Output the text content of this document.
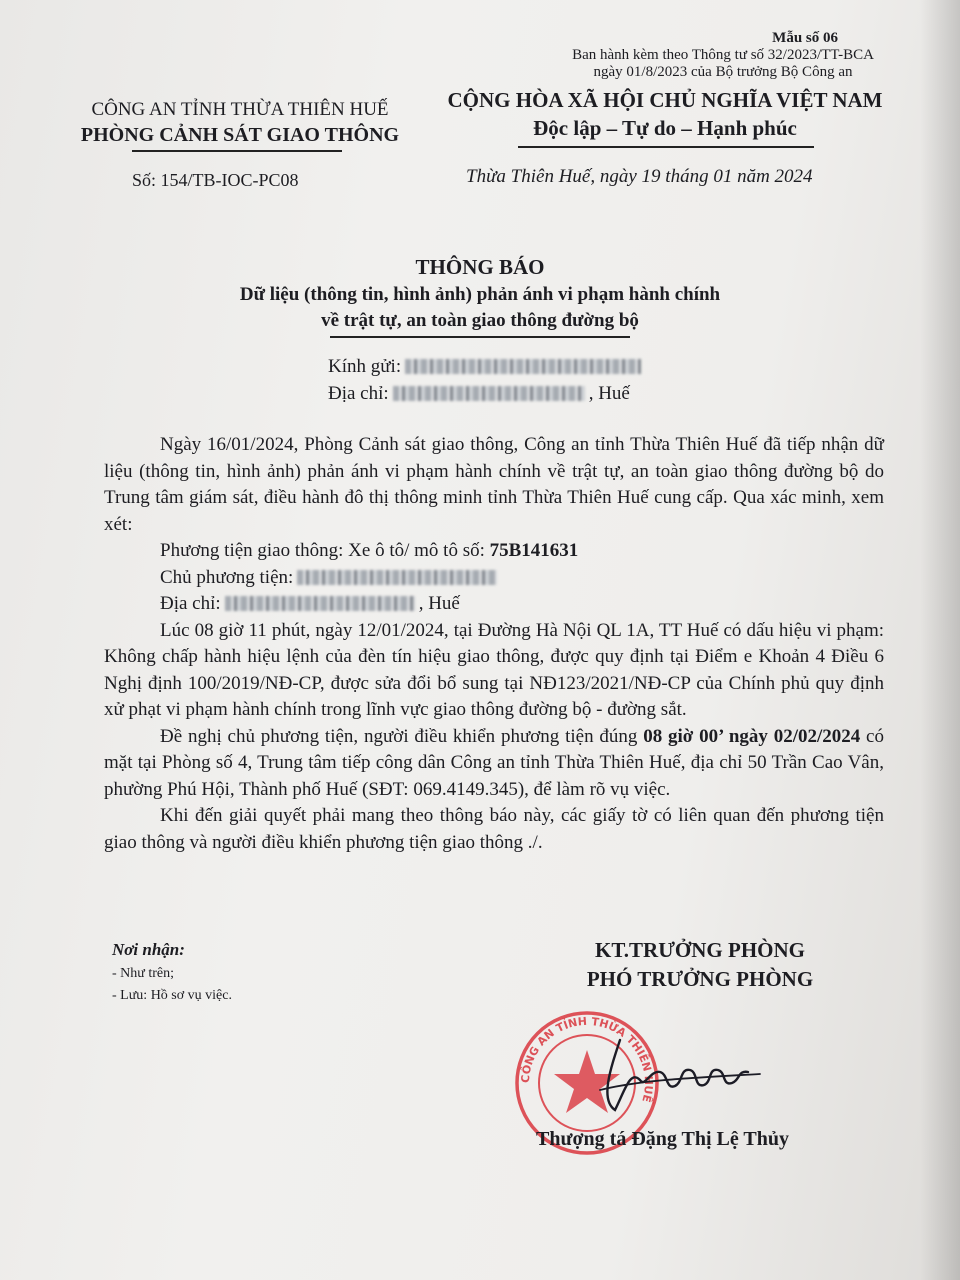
Mẫu số 06
Ban hành kèm theo Thông tư số 32/2023/TT-BCA
ngày 01/8/2023 của Bộ trưởng Bộ Công an
CÔNG AN TỈNH THỪA THIÊN HUẾ
PHÒNG CẢNH SÁT GIAO THÔNG
CỘNG HÒA XÃ HỘI CHỦ NGHĨA VIỆT NAM
Độc lập – Tự do – Hạnh phúc
Số: 154/TB-IOC-PC08	Thừa Thiên Huế, ngày 19 tháng 01 năm 2024
THÔNG BÁO
Dữ liệu (thông tin, hình ảnh) phản ánh vi phạm hành chính
về trật tự, an toàn giao thông đường bộ
Kính gửi:
Địa chỉ:	, Huế

Ngày 16/01/2024, Phòng Cảnh sát giao thông, Công an tỉnh Thừa Thiên Huế đã tiếp nhận dữ liệu (thông tin, hình ảnh) phản ánh vi phạm hành chính về trật tự, an toàn giao thông đường bộ do Trung tâm giám sát, điều hành đô thị thông minh tỉnh Thừa Thiên Huế cung cấp. Qua xác minh, xem xét:

Phương tiện giao thông: Xe ô tô/ mô tô số: 75B141631

Chủ phương tiện:

Địa chỉ:	, Huế

Lúc 08 giờ 11 phút, ngày 12/01/2024, tại Đường Hà Nội QL 1A, TT Huế có dấu hiệu vi phạm: Không chấp hành hiệu lệnh của đèn tín hiệu giao thông, được quy định tại Điểm e Khoản 4 Điều 6 Nghị định 100/2019/NĐ-CP, được sửa đổi bổ sung tại NĐ123/2021/NĐ-CP của Chính phủ quy định xử phạt vi phạm hành chính trong lĩnh vực giao thông đường bộ - đường sắt.

Đề nghị chủ phương tiện, người điều khiển phương tiện đúng 08 giờ 00’ ngày 02/02/2024 có mặt tại Phòng số 4, Trung tâm tiếp công dân Công an tỉnh Thừa Thiên Huế, địa chỉ 50 Trần Cao Vân, phường Phú Hội, Thành phố Huế (SĐT: 069.4149.345), để làm rõ vụ việc.

Khi đến giải quyết phải mang theo thông báo này, các giấy tờ có liên quan đến phương tiện giao thông và người điều khiển phương tiện giao thông ./.

Nơi nhận:
- Như trên;
- Lưu: Hồ sơ vụ việc.
KT.TRƯỞNG PHÒNG
PHÓ TRƯỞNG PHÒNG
CÔNG AN TỈNH THỪA THIÊN HUẾ
Thượng tá Đặng Thị Lệ Thủy
